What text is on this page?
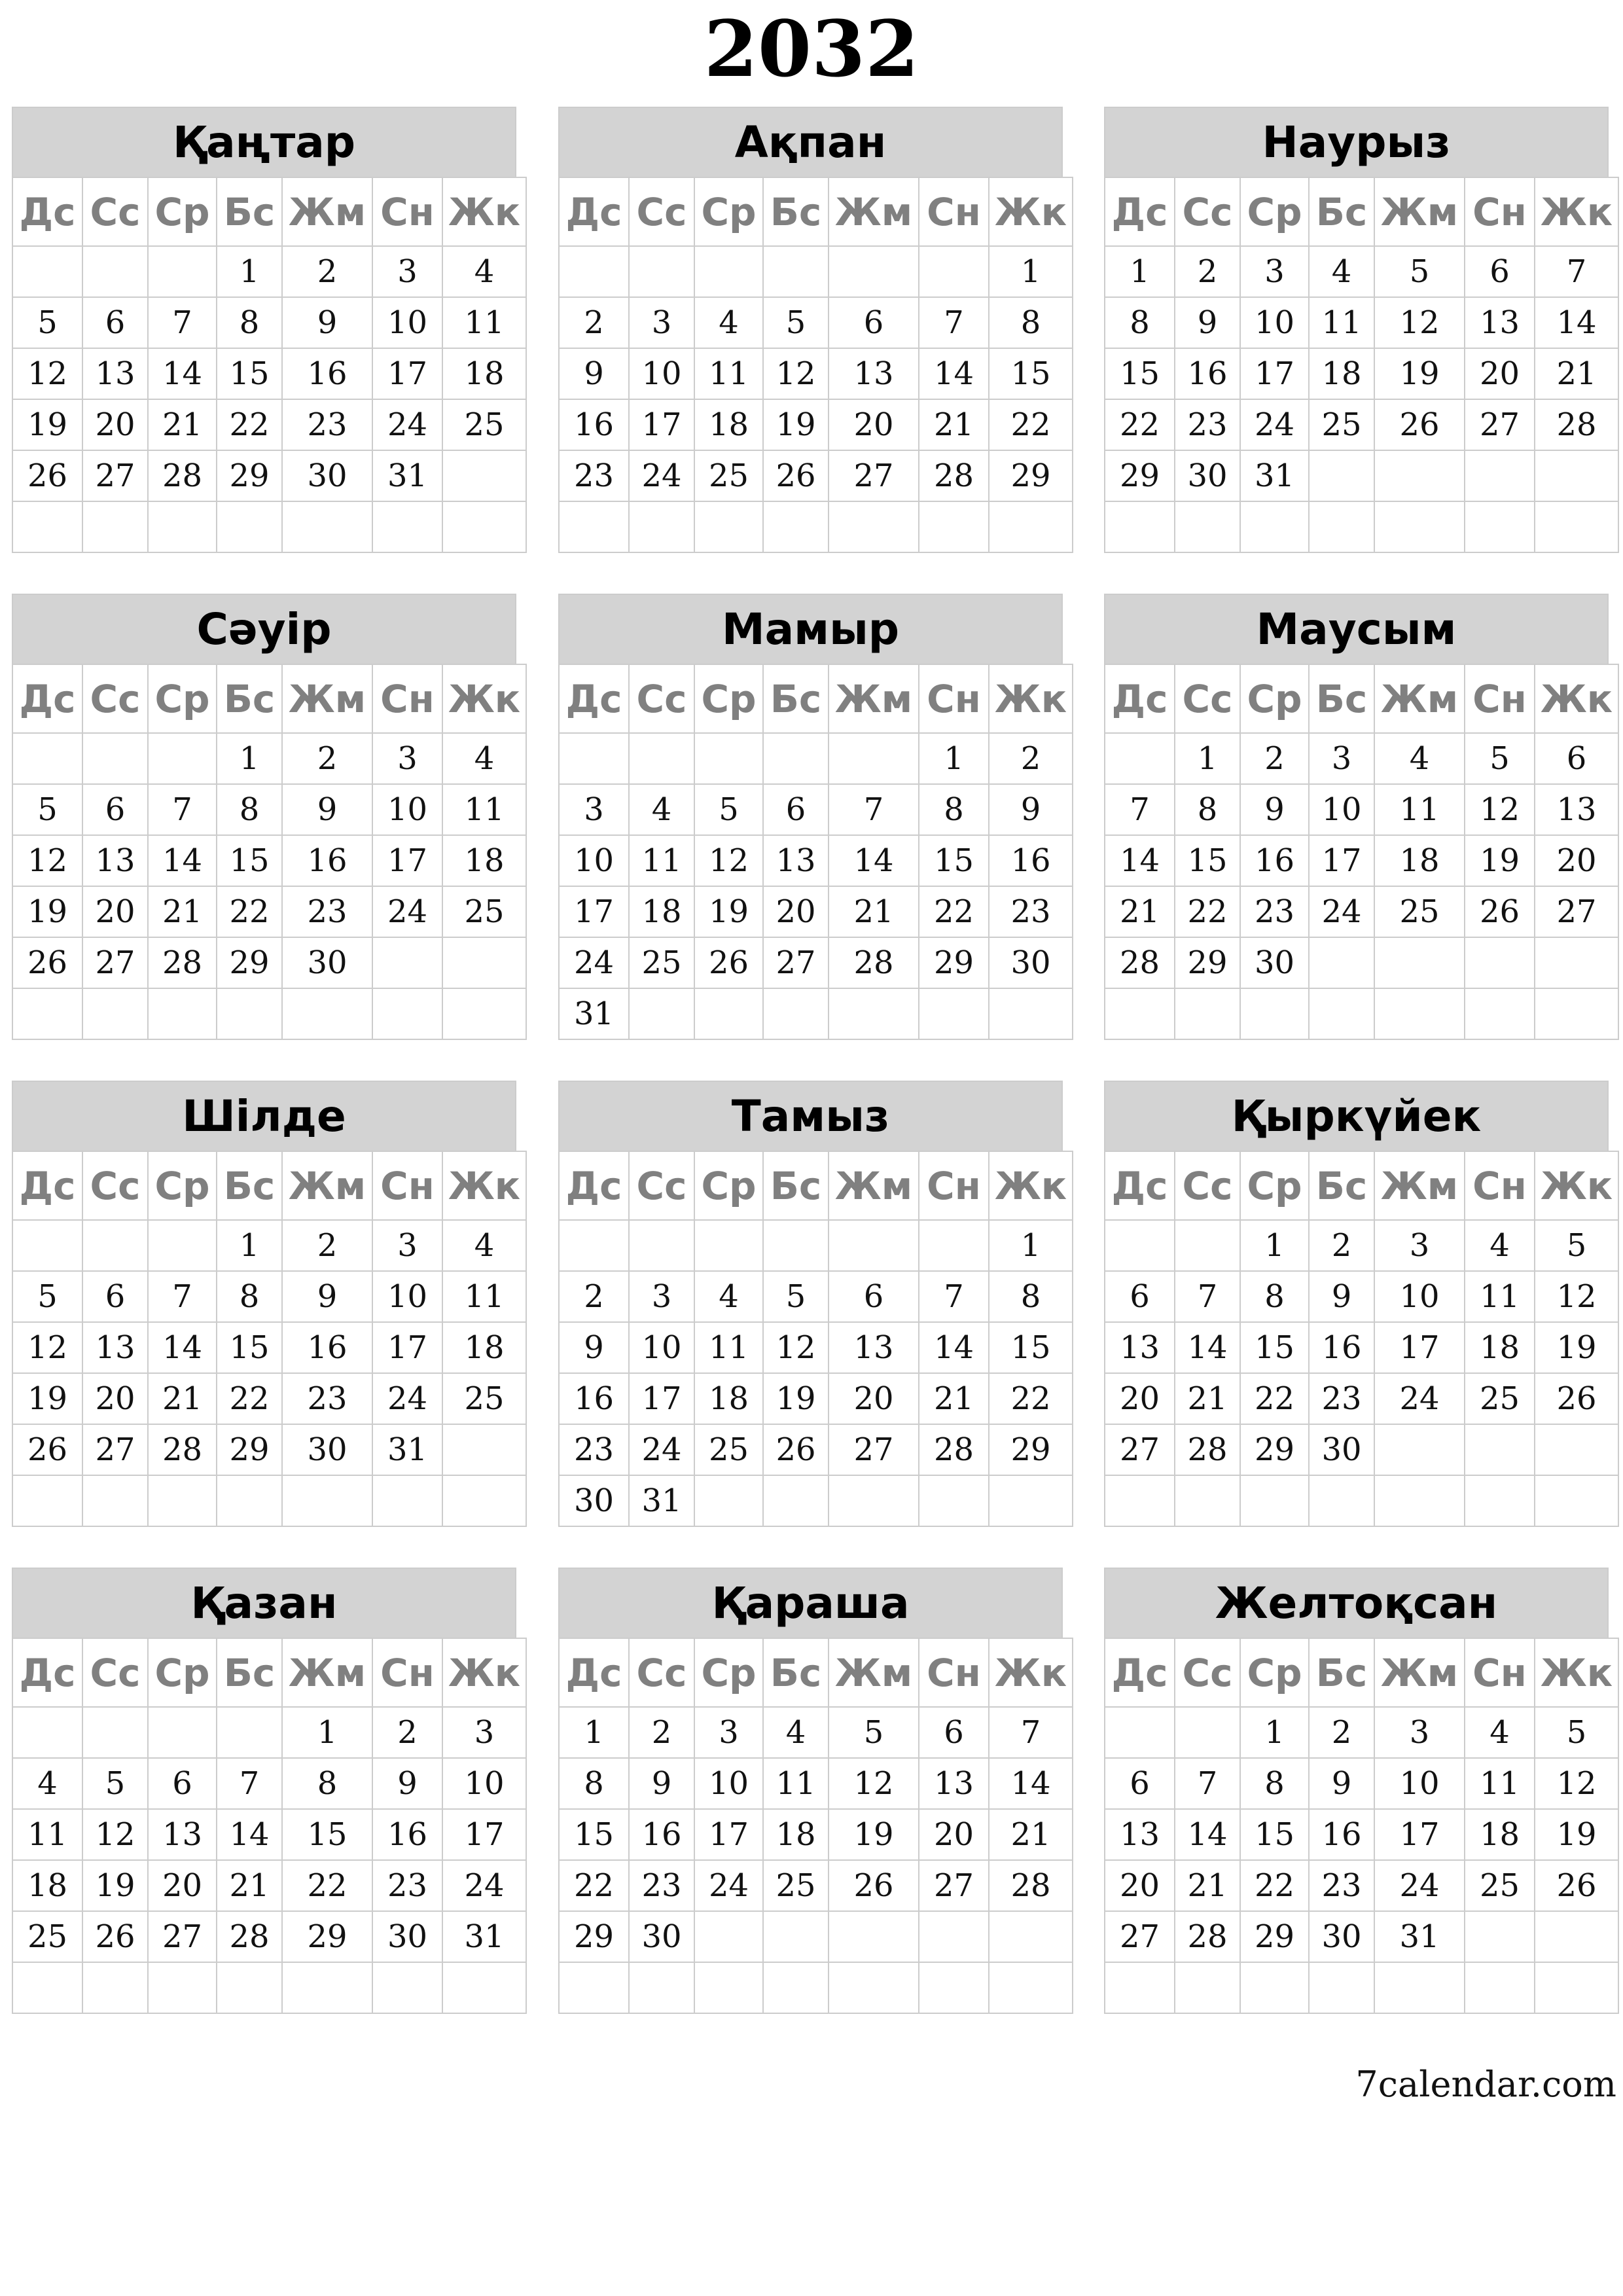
2032
Қаңтар
Дс	Сс	Ср	Бс	Жм	Сн	Жк
			1	2	3	4
5	6	7	8	9	10	11
12	13	14	15	16	17	18
19	20	21	22	23	24	25
26	27	28	29	30	31	

Ақпан
Дс	Сс	Ср	Бс	Жм	Сн	Жк
						1
2	3	4	5	6	7	8
9	10	11	12	13	14	15
16	17	18	19	20	21	22
23	24	25	26	27	28	29

Наурыз
Дс	Сс	Ср	Бс	Жм	Сн	Жк
1	2	3	4	5	6	7
8	9	10	11	12	13	14
15	16	17	18	19	20	21
22	23	24	25	26	27	28
29	30	31				

Сәуір
Дс	Сс	Ср	Бс	Жм	Сн	Жк
			1	2	3	4
5	6	7	8	9	10	11
12	13	14	15	16	17	18
19	20	21	22	23	24	25
26	27	28	29	30		

Мамыр
Дс	Сс	Ср	Бс	Жм	Сн	Жк
					1	2
3	4	5	6	7	8	9
10	11	12	13	14	15	16
17	18	19	20	21	22	23
24	25	26	27	28	29	30
31						
Маусым
Дс	Сс	Ср	Бс	Жм	Сн	Жк
	1	2	3	4	5	6
7	8	9	10	11	12	13
14	15	16	17	18	19	20
21	22	23	24	25	26	27
28	29	30				

Шілде
Дс	Сс	Ср	Бс	Жм	Сн	Жк
			1	2	3	4
5	6	7	8	9	10	11
12	13	14	15	16	17	18
19	20	21	22	23	24	25
26	27	28	29	30	31	

Тамыз
Дс	Сс	Ср	Бс	Жм	Сн	Жк
						1
2	3	4	5	6	7	8
9	10	11	12	13	14	15
16	17	18	19	20	21	22
23	24	25	26	27	28	29
30	31					
Қыркүйек
Дс	Сс	Ср	Бс	Жм	Сн	Жк
		1	2	3	4	5
6	7	8	9	10	11	12
13	14	15	16	17	18	19
20	21	22	23	24	25	26
27	28	29	30			

Қазан
Дс	Сс	Ср	Бс	Жм	Сн	Жк
				1	2	3
4	5	6	7	8	9	10
11	12	13	14	15	16	17
18	19	20	21	22	23	24
25	26	27	28	29	30	31

Қараша
Дс	Сс	Ср	Бс	Жм	Сн	Жк
1	2	3	4	5	6	7
8	9	10	11	12	13	14
15	16	17	18	19	20	21
22	23	24	25	26	27	28
29	30					

Желтоқсан
Дс	Сс	Ср	Бс	Жм	Сн	Жк
		1	2	3	4	5
6	7	8	9	10	11	12
13	14	15	16	17	18	19
20	21	22	23	24	25	26
27	28	29	30	31		

7calendar.com
